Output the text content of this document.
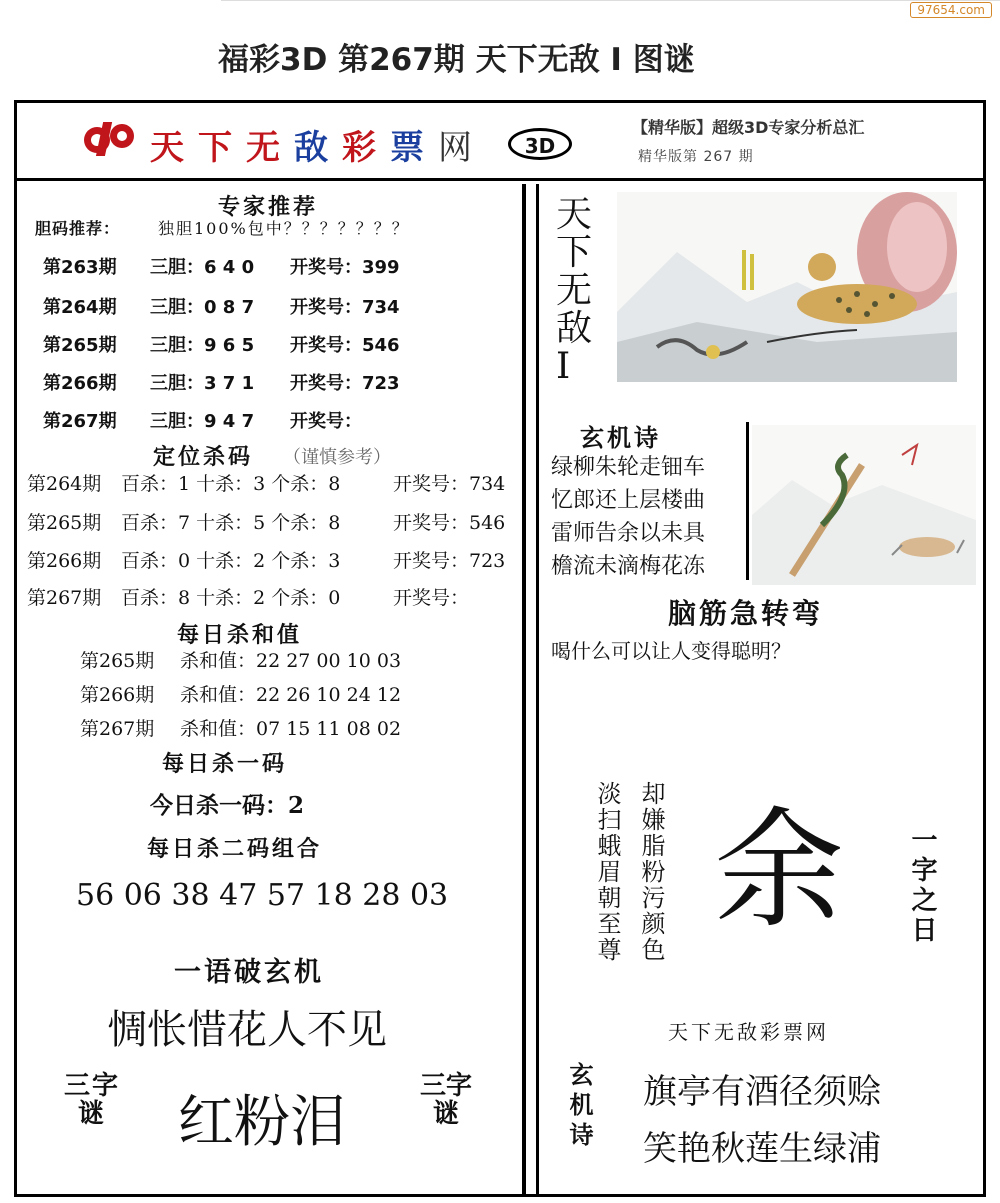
福彩3D 第267期 天下无敌 I 图谜
97654.com
天下无敌彩票网	3D
【精华版】超级3D专家分析总汇
精华版第 267 期
专家推荐
胆码推荐： 独胆100%包中？？？？？？？
第263期 三胆：6 4 0 开奖号：399
第264期 三胆：0 8 7 开奖号：734
第265期 三胆：9 6 5 开奖号：546
第266期 三胆：3 7 1 开奖号：723
第267期 三胆：9 4 7 开奖号：
定位杀码 （谨慎参考）
第264期 百杀：1 十杀：3 个杀：8	开奖号：734
第265期 百杀：7 十杀：5 个杀：8	开奖号：546
第266期 百杀：0 十杀：2 个杀：3	开奖号：723
第267期 百杀：8 十杀：2 个杀：0	开奖号：
每日杀和值
第265期 杀和值：22 27 00 10 03
第266期 杀和值：22 26 10 24 12
第267期 杀和值：07 15 11 08 02
每日杀一码
今日杀一码：2
每日杀二码组合
56 06 38 47 57 18 28 03
一语破玄机
惆怅惜花人不见
三字谜 红粉泪
三字谜
天下无敌I
玄机诗
绿柳朱轮走钿车
忆郎还上层楼曲
雷师告余以未具
檐流未滴梅花冻
脑筋急转弯
喝什么可以让人变得聪明？
淡扫蛾眉朝至尊 却嫌脂粉污颜色 余 一字之日
天下无敌彩票网
玄机诗 旗亭有酒径须赊
笑艳秋莲生绿浦
